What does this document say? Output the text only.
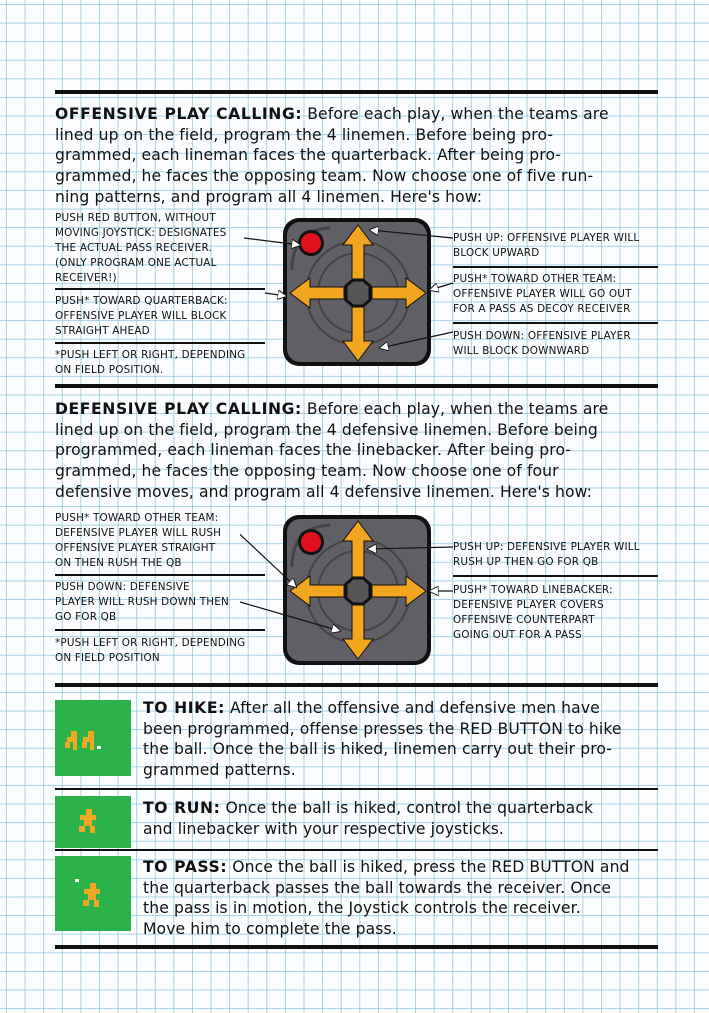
OFFENSIVE PLAY CALLING: Before each play, when the teams are
lined up on the field, program the 4 linemen. Before being pro-
grammed, each lineman faces the quarterback. After being pro-
grammed, he faces the opposing team. Now choose one of five run-
ning patterns, and program all 4 linemen. Here's how:
PUSH RED BUTTON, WITHOUT
MOVING JOYSTICK: DESIGNATES
THE ACTUAL PASS RECEIVER.
(ONLY PROGRAM ONE ACTUAL
RECEIVER!)
PUSH* TOWARD QUARTERBACK:
OFFENSIVE PLAYER WILL BLOCK
STRAIGHT AHEAD
*PUSH LEFT OR RIGHT, DEPENDING
ON FIELD POSITION.
PUSH UP: OFFENSIVE PLAYER WILL
BLOCK UPWARD
PUSH* TOWARD OTHER TEAM:
OFFENSIVE PLAYER WILL GO OUT
FOR A PASS AS DECOY RECEIVER
PUSH DOWN: OFFENSIVE PLAYER
WILL BLOCK DOWNWARD
DEFENSIVE PLAY CALLING: Before each play, when the teams are
lined up on the field, program the 4 defensive linemen. Before being
programmed, each lineman faces the linebacker. After being pro-
grammed, he faces the opposing team. Now choose one of four
defensive moves, and program all 4 defensive linemen. Here's how:
PUSH* TOWARD OTHER TEAM:
DEFENSIVE PLAYER WILL RUSH
OFFENSIVE PLAYER STRAIGHT
ON THEN RUSH THE QB
PUSH DOWN: DEFENSIVE
PLAYER WILL RUSH DOWN THEN
GO FOR QB
*PUSH LEFT OR RIGHT, DEPENDING
ON FIELD POSITION
PUSH UP: DEFENSIVE PLAYER WILL
RUSH UP THEN GO FOR QB
PUSH* TOWARD LINEBACKER:
DEFENSIVE PLAYER COVERS
OFFENSIVE COUNTERPART
GOING OUT FOR A PASS
TO HIKE: After all the offensive and defensive men have
been programmed, offense presses the RED BUTTON to hike
the ball. Once the ball is hiked, linemen carry out their pro-
grammed patterns.
TO RUN: Once the ball is hiked, control the quarterback
and linebacker with your respective joysticks.
TO PASS: Once the ball is hiked, press the RED BUTTON and
the quarterback passes the ball towards the receiver. Once
the pass is in motion, the Joystick controls the receiver.
Move him to complete the pass.
